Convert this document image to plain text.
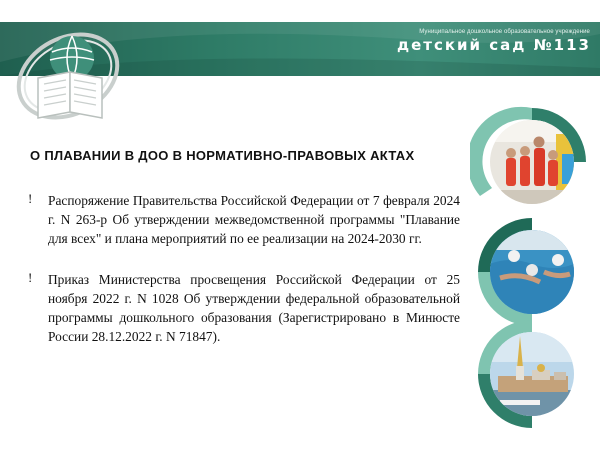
Муниципальное дошкольное образовательное учреждение
детский сад №113
О ПЛАВАНИИ В ДОО В НОРМАТИВНО-ПРАВОВЫХ АКТАХ
! Распоряжение Правительства Российской Федерации от 7 февраля 2024 г. N 263-р Об утверждении межведомственной программы "Плавание для всех" и плана мероприятий по ее реализации на 2024-2030 гг.
! Приказ Министерства просвещения Российской Федерации от 25 ноября 2022 г. N 1028 Об утверждении федеральной образовательной программы дошкольного образования (Зарегистрировано в Минюсте России 28.12.2022 г. N 71847).
